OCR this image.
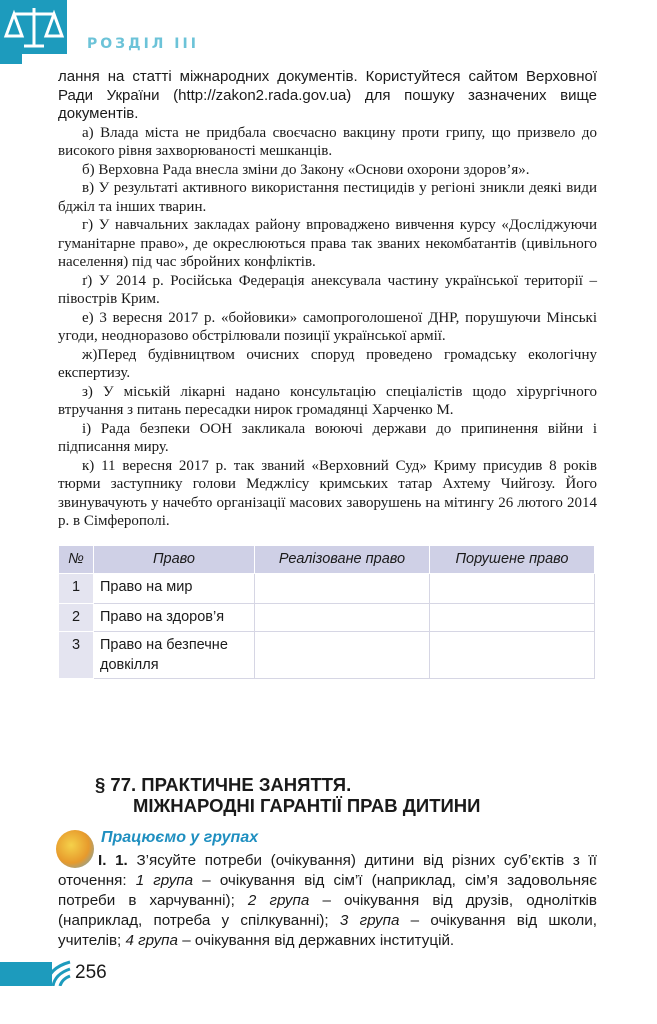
РОЗДІЛ ІІІ

лання на статті міжнародних документів. Користуйтеся сайтом Верховної Ради України (http://zakon2.rada.gov.ua) для пошуку зазначених вище документів.

а) Влада міста не придбала своєчасно вакцину проти грипу, що призвело до високого рівня захворюваності мешканців.

б) Верховна Рада внесла зміни до Закону «Основи охорони здоров’я».

в) У результаті активного використання пестицидів у регіоні зникли деякі види бджіл та інших тварин.

г) У навчальних закладах району впроваджено вивчення курсу «Досліджуючи гуманітарне право», де окреслюються права так званих некомбатантів (цивільного населення) під час збройних конфліктів.

ґ) У 2014 р. Російська Федерація анексувала частину української території – півострів Крим.

е) 3 вересня 2017 р. «бойовики» самопроголошеної ДНР, порушуючи Мінські угоди, неодноразово обстрілювали позиції української армії.

ж)Перед будівництвом очисних споруд проведено громадську екологічну експертизу.

з) У міській лікарні надано консультацію спеціалістів щодо хірургічного втручання з питань пересадки нирок громадянці Харченко М.

і) Рада безпеки ООН закликала воюючі держави до припинення війни і підписання миру.

к) 11 вересня 2017 р. так званий «Верховний Суд» Криму присудив 8 років тюрми заступнику голови Меджлісу кримських татар Ахтему Чийгозу. Його звинувачують у начебто організації масових заворушень на мітингу 26 лютого 2014 р. в Сімферополі.

№	Право	Реалізоване право	Порушене право
1	Право на мир		
2	Право на здоров’я		
3	Право на безпечне довкілля		
§ 77. ПРАКТИЧНЕ ЗАНЯТТЯ.
МІЖНАРОДНІ ГАРАНТІЇ ПРАВ ДИТИНИ
Працюємо у групах
І. 1. З’ясуйте потреби (очікування) дитини від різних суб’єктів з її оточення: 1 група – очікування від сім’ї (наприклад, сім’я задовольняє потреби в харчуванні); 2 група – очікування від друзів, однолітків (наприклад, потреба у спілкуванні); 3 група – очікування від школи, учителів; 4 група – очікування від державних інституцій.
256
